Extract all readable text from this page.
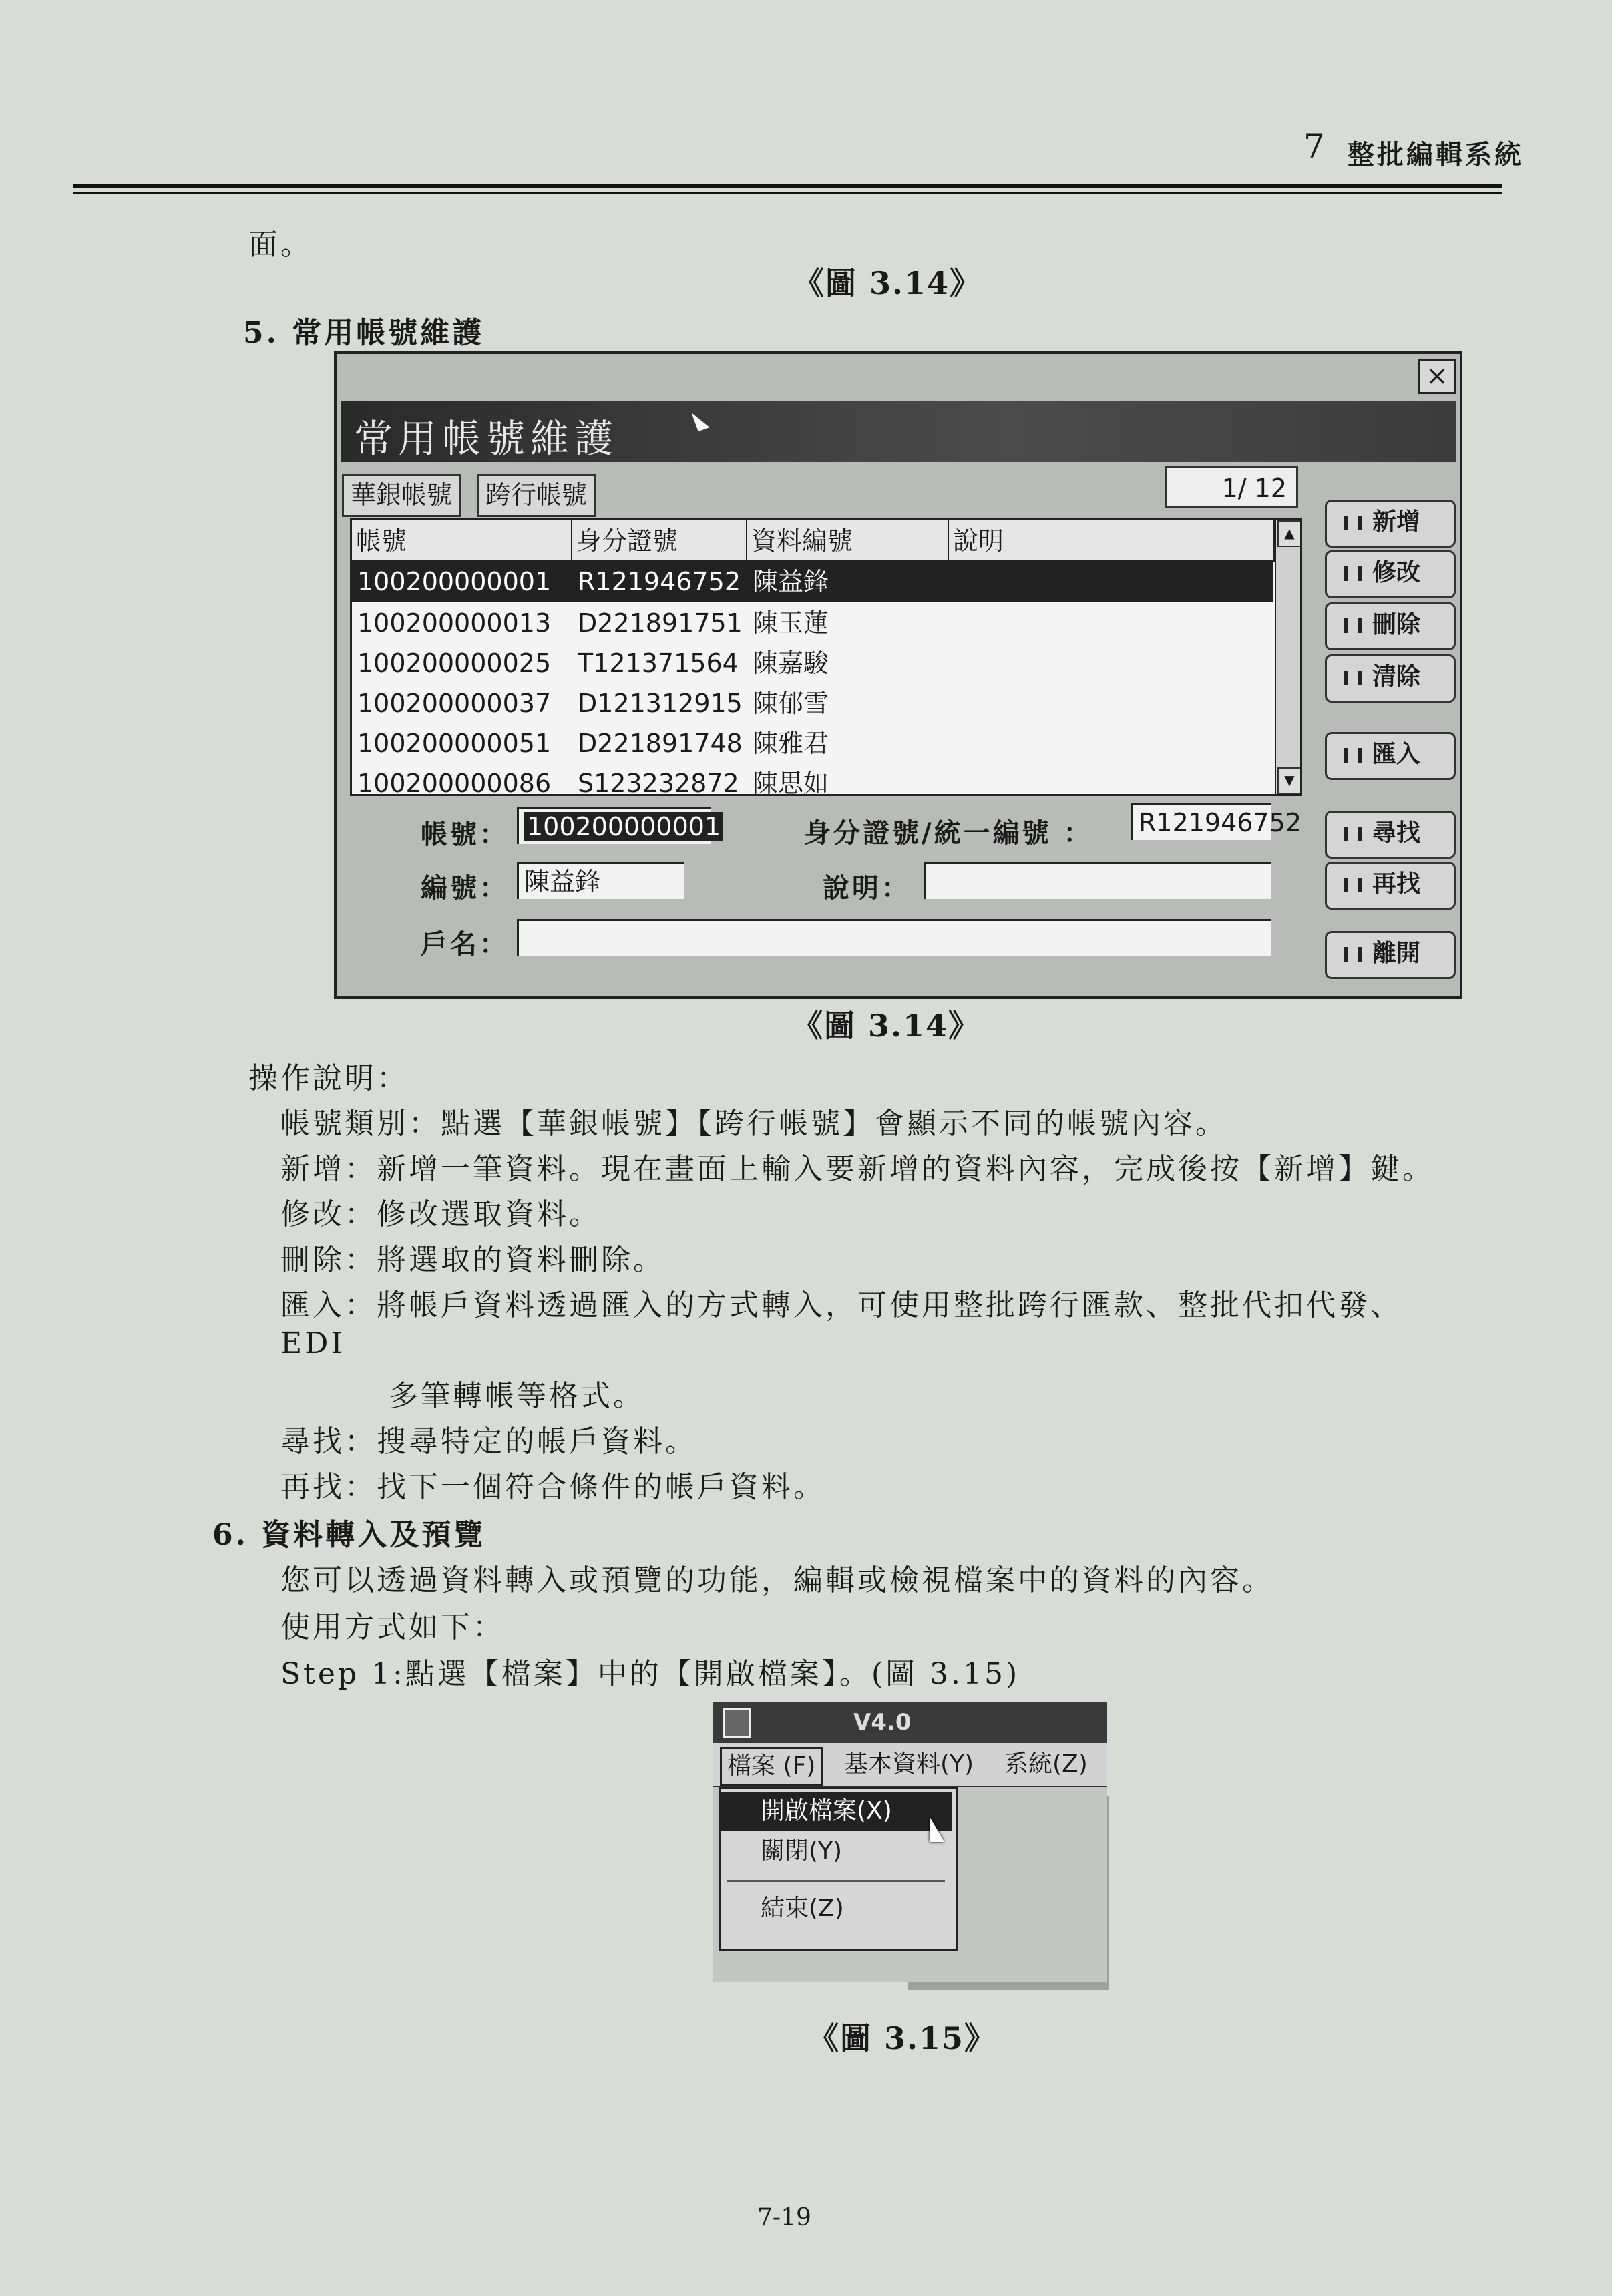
7 整批編輯系統
面。
《圖 3.14》
5. 常用帳號維護
×
常用帳號維護
華銀帳號	跨行帳號	1/ 12
帳號	身分證號	資料編號	說明
100200000001 R121946752 陳益鋒
100200000013 D221891751 陳玉蓮
100200000025 T121371564 陳嘉駿
100200000037 D121312915 陳郁雪
100200000051 D221891748 陳雅君
100200000086 S123232872 陳思如
▲
▼
帳號： 100200000001	身分證號/統一編號 ： R121946752
編號： 陳益鋒	說明：
戶名：
新增
修改
刪除
清除
匯入
尋找
再找
離開
《圖 3.14》
操作說明：
帳號類別：點選【華銀帳號】【跨行帳號】會顯示不同的帳號內容。
新增：新增一筆資料。現在畫面上輸入要新增的資料內容，完成後按【新增】鍵。
修改：修改選取資料。
刪除：將選取的資料刪除。
匯入：將帳戶資料透過匯入的方式轉入，可使用整批跨行匯款、整批代扣代發、
EDI
多筆轉帳等格式。
尋找：搜尋特定的帳戶資料。
再找：找下一個符合條件的帳戶資料。
6. 資料轉入及預覽
您可以透過資料轉入或預覽的功能，編輯或檢視檔案中的資料的內容。
使用方式如下：
Step 1:點選【檔案】中的【開啟檔案】。(圖 3.15)
V4.0
檔案 (F)	基本資料(Y) 系統(Z)
開啟檔案(X)
關閉(Y)
結束(Z)
《圖 3.15》
7-19
